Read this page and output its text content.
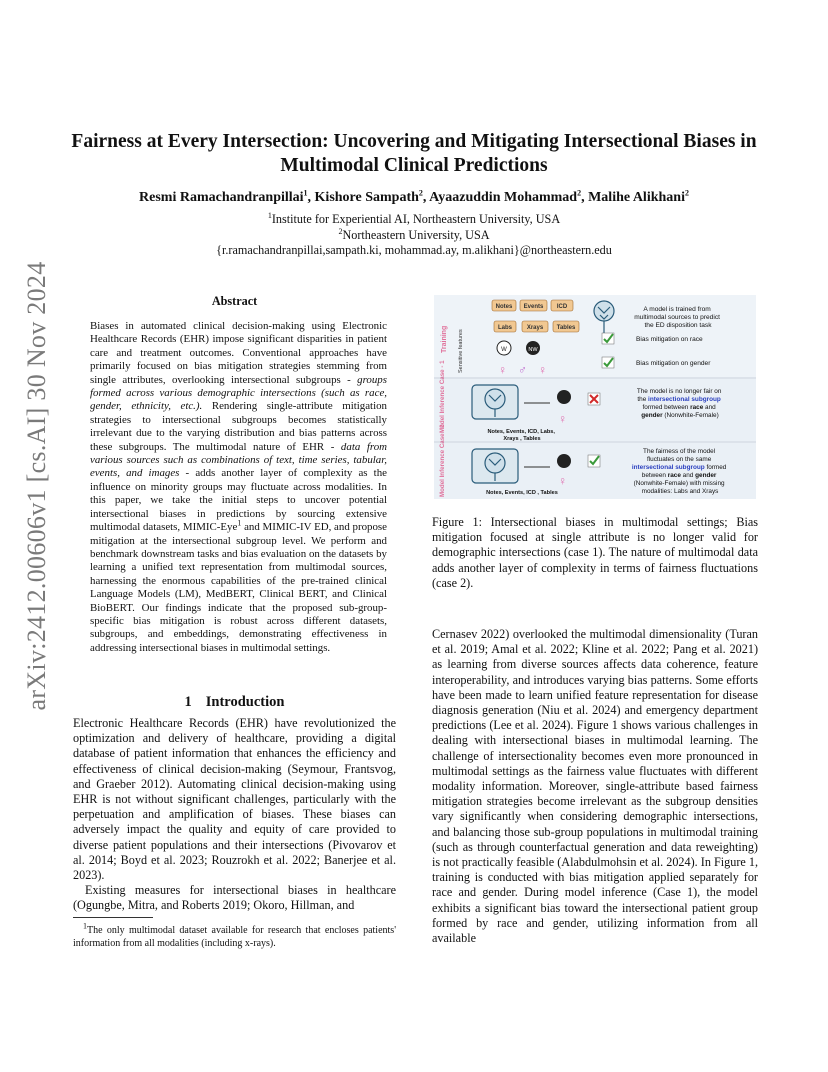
arXiv:2412.00606v1 [cs.AI] 30 Nov 2024
Fairness at Every Intersection: Uncovering and Mitigating Intersectional Biases in Multimodal Clinical Predictions
Resmi Ramachandranpillai$^1$, Kishore Sampath$^2$, Ayaazuddin Mohammad$^2$, Malihe Alikhani$^2$
$^1$Institute for Experiential AI, Northeastern University, USA
$^2$Northeastern University, USA
{r.ramachandranpillai,sampath.ki, mohammad.ay, m.alikhani}@northeastern.edu
Abstract
Biases in automated clinical decision-making using Electronic Healthcare Records (EHR) impose significant disparities in patient care and treatment outcomes. Conventional approaches have primarily focused on bias mitigation strategies stemming from single attributes, overlooking intersectional subgroups - groups formed across various demographic intersections (such as race, gender, ethnicity, etc.). Rendering single-attribute mitigation strategies to intersectional subgroups becomes statistically irrelevant due to the varying distribution and bias patterns across these subgroups. The multimodal nature of EHR - data from various sources such as combinations of text, time series, tabular, events, and images - adds another layer of complexity as the influence on minority groups may fluctuate across modalities. In this paper, we take the initial steps to uncover potential intersectional biases in predictions by sourcing extensive multimodal datasets, MIMIC-Eye$^1$ and MIMIC-IV ED, and propose mitigation at the intersectional subgroup level. We perform and benchmark downstream tasks and bias evaluation on the datasets by learning a unified text representation from multimodal sources, harnessing the enormous capabilities of the pre-trained clinical Language Models (LM), MedBERT, Clinical BERT, and Clinical BioBERT. Our findings indicate that the proposed sub-group-specific bias mitigation is robust across different datasets, subgroups, and embeddings, demonstrating effectiveness in addressing intersectional biases in multimodal settings.
1 Introduction

Electronic Healthcare Records (EHR) have revolutionized the optimization and delivery of healthcare, providing a digital database of patient information that enhances the efficiency and effectiveness of clinical decision-making (Seymour, Frantsvog, and Graeber 2012). Automating clinical decision-making using EHR is not without significant challenges, particularly with the perpetuation and amplification of biases. These biases can adversely impact the quality and equity of care provided to diverse patient populations and their intersections (Pivovarov et al. 2014; Boyd et al. 2023; Rouzrokh et al. 2022; Banerjee et al. 2023).

Existing measures for intersectional biases in healthcare (Ogungbe, Mitra, and Roberts 2019; Okoro, Hillman, and

$^1$The only multimodal dataset available for research that encloses patients' information from all modalities (including x-rays).
Training
Model Inference Case - 1
Model Inference Case - 2
Sensitive features
Notes Events ICD
Labs Xrays Tables
A model is trained from multimodal sources to predict the ED disposition task
W	NW
♀ ♂ ♀
Bias mitigation on race
Bias mitigation on gender
♀
Notes, Events, ICD, Labs, Xrays , Tables
The model is no longer fair on the intersectional subgroup formed between race and gender (Nonwhite-Female)
♀
Notes, Events, ICD , Tables
The fairness of the model fluctuates on the same intersectional subgroup formed between race and gender (Nonwhite-Female) with missing modalities: Labs and Xrays
Figure 1: Intersectional biases in multimodal settings; Bias mitigation focused at single attribute is no longer valid for demographic intersections (case 1). The nature of multimodal data adds another layer of complexity in terms of fairness fluctuations (case 2).

Cernasev 2022) overlooked the multimodal dimensionality (Turan et al. 2019; Amal et al. 2022; Kline et al. 2022; Pang et al. 2021) as learning from diverse sources affects data coherence, feature interoperability, and introduces varying bias patterns. Some efforts have been made to learn unified feature representation for disease diagnosis generation (Niu et al. 2024) and emergency department predictions (Lee et al. 2024). Figure 1 shows various challenges in dealing with intersectional biases in multimodal learning. The challenge of intersectionality becomes even more pronounced in multimodal settings as the fairness value fluctuates with different modality information. Moreover, single-attribute based fairness mitigation strategies become irrelevant as the subgroup densities vary significantly when considering demographic intersections, and balancing those sub-group populations in multimodal training (such as through counterfactual generation and data reweighting) is not practically feasible (Alabdulmohsin et al. 2024). In Figure 1, training is conducted with bias mitigation applied separately for race and gender. During model inference (Case 1), the model exhibits a significant bias toward the intersectional patient group formed by race and gender, utilizing information from all available
